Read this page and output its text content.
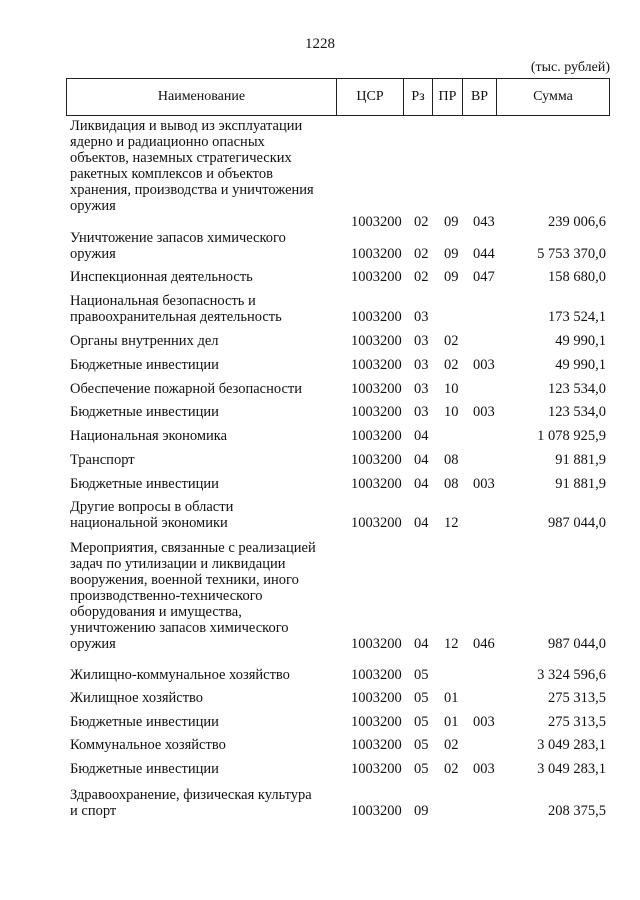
1228
(тыс. рублей)
Наименование	ЦСР	Рз ПР	ВР	Сумма
Ликвидация и вывод из эксплуатации
ядерно и радиационно опасных
объектов, наземных стратегических
ракетных комплексов и объектов
хранения, производства и уничтожения
оружия
1003200 02 09 043	239 006,6
Уничтожение запасов химического
оружия	1003200 02 09 044	5 753 370,0
Инспекционная деятельность	1003200 02 09 047	158 680,0
Национальная безопасность и
правоохранительная деятельность	1003200 03	173 524,1
Органы внутренних дел	1003200 03 02	49 990,1
Бюджетные инвестиции	1003200 03 02 003	49 990,1
Обеспечение пожарной безопасности	1003200 03 10	123 534,0
Бюджетные инвестиции	1003200 03 10 003	123 534,0
Национальная экономика	1003200 04	1 078 925,9
Транспорт	1003200 04 08	91 881,9
Бюджетные инвестиции	1003200 04 08 003	91 881,9
Другие вопросы в области
национальной экономики	1003200 04 12	987 044,0
Мероприятия, связанные с реализацией
задач по утилизации и ликвидации
вооружения, военной техники, иного
производственно-технического
оборудования и имущества,
уничтожению запасов химического
оружия	1003200 04 12 046	987 044,0
Жилищно-коммунальное хозяйство	1003200 05	3 324 596,6
Жилищное хозяйство	1003200 05 01	275 313,5
Бюджетные инвестиции	1003200 05 01 003	275 313,5
Коммунальное хозяйство	1003200 05 02	3 049 283,1
Бюджетные инвестиции	1003200 05 02 003	3 049 283,1
Здравоохранение, физическая культура
и спорт	1003200 09	208 375,5
